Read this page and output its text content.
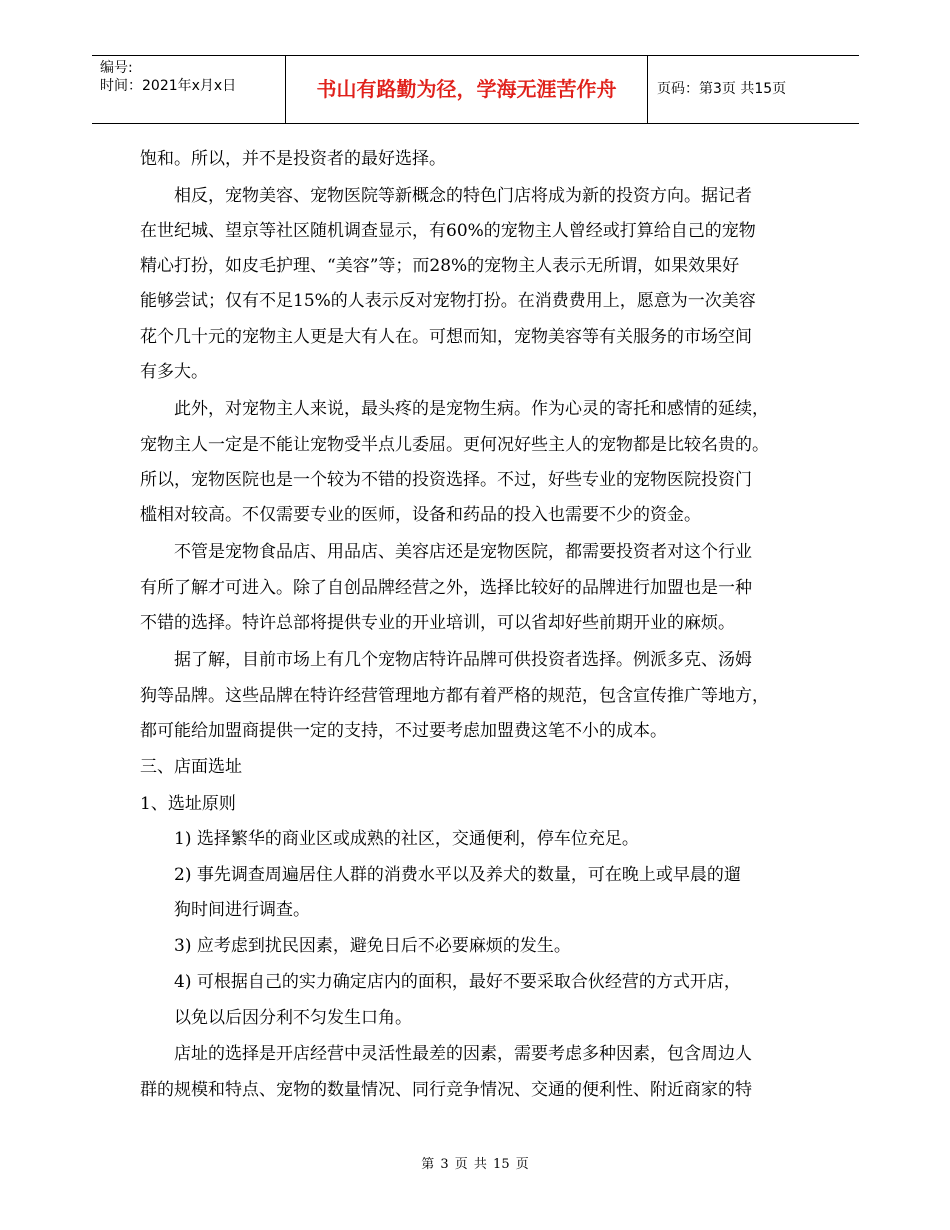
编号:
时间：2021年x月x日	书山有路勤为径，学海无涯苦作舟	页码：第3页 共15页
饱和。所以，并不是投资者的最好选择。
相反，宠物美容、宠物医院等新概念的特色门店将成为新的投资方向。据记者
在世纪城、望京等社区随机调查显示，有60%的宠物主人曾经或打算给自己的宠物
精心打扮，如皮毛护理、“美容”等；而28%的宠物主人表示无所谓，如果效果好
能够尝试；仅有不足15%的人表示反对宠物打扮。在消费费用上，愿意为一次美容
花个几十元的宠物主人更是大有人在。可想而知，宠物美容等有关服务的市场空间
有多大。
此外，对宠物主人来说，最头疼的是宠物生病。作为心灵的寄托和感情的延续，
宠物主人一定是不能让宠物受半点儿委屈。更何况好些主人的宠物都是比较名贵的。
所以，宠物医院也是一个较为不错的投资选择。不过，好些专业的宠物医院投资门
槛相对较高。不仅需要专业的医师，设备和药品的投入也需要不少的资金。
不管是宠物食品店、用品店、美容店还是宠物医院，都需要投资者对这个行业
有所了解才可进入。除了自创品牌经营之外，选择比较好的品牌进行加盟也是一种
不错的选择。特许总部将提供专业的开业培训，可以省却好些前期开业的麻烦。
据了解，目前市场上有几个宠物店特许品牌可供投资者选择。例派多克、汤姆
狗等品牌。这些品牌在特许经营管理地方都有着严格的规范，包含宣传推广等地方，
都可能给加盟商提供一定的支持，不过要考虑加盟费这笔不小的成本。
三、店面选址
1、选址原则
1) 选择繁华的商业区或成熟的社区，交通便利，停车位充足。
2) 事先调查周遍居住人群的消费水平以及养犬的数量，可在晚上或早晨的遛
狗时间进行调查。
3) 应考虑到扰民因素，避免日后不必要麻烦的发生。
4) 可根据自己的实力确定店内的面积，最好不要采取合伙经营的方式开店，
以免以后因分利不匀发生口角。
店址的选择是开店经营中灵活性最差的因素，需要考虑多种因素，包含周边人
群的规模和特点、宠物的数量情况、同行竞争情况、交通的便利性、附近商家的特
第 3 页 共 15 页
